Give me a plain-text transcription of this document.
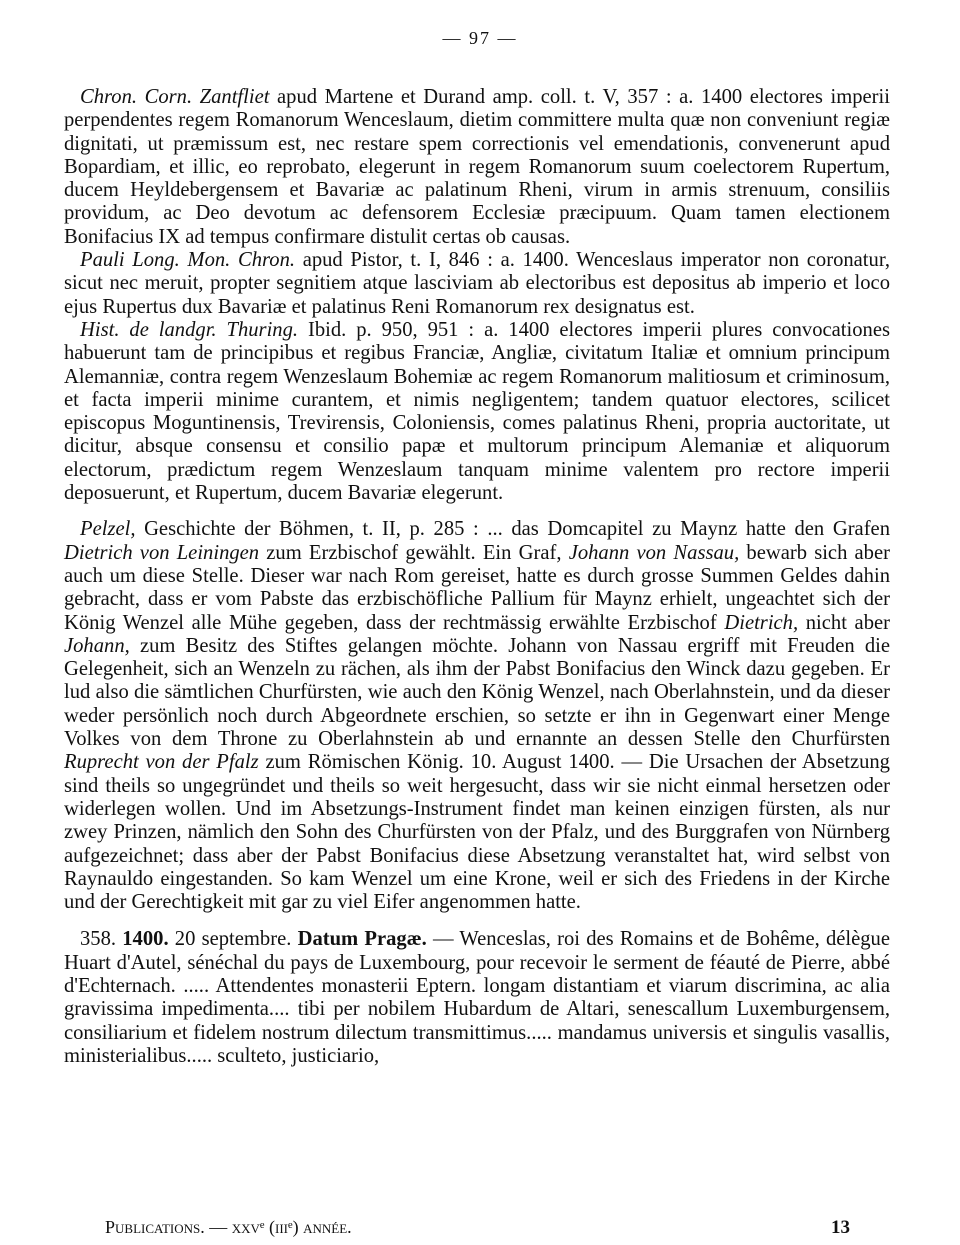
— 97 —

Chron. Corn. Zantfliet apud Martene et Durand amp. coll. t. V, 357 : a. 1400 electores imperii perpendentes regem Romanorum Wenceslaum, dietim committere multa quæ non conveniunt regiæ dignitati, ut præmissum est, nec restare spem correctionis vel emendationis, convenerunt apud Bopardiam, et illic, eo reprobato, elegerunt in regem Romanorum suum coelectorem Rupertum, ducem Heyldebergensem et Bavariæ ac palatinum Rheni, virum in armis strenuum, consiliis providum, ac Deo devotum ac defensorem Ecclesiæ præcipuum. Quam tamen electionem Bonifacius IX ad tempus confirmare distulit certas ob causas.

Pauli Long. Mon. Chron. apud Pistor, t. I, 846 : a. 1400. Wenceslaus imperator non coronatur, sicut nec meruit, propter segnitiem atque lasciviam ab electoribus est depositus ab imperio et loco ejus Rupertus dux Bavariæ et palatinus Reni Romanorum rex designatus est.

Hist. de landgr. Thuring. Ibid. p. 950, 951 : a. 1400 electores imperii plures convocationes habuerunt tam de principibus et regibus Franciæ, Angliæ, civitatum Italiæ et omnium principum Alemanniæ, contra regem Wenzeslaum Bohemiæ ac regem Romanorum malitiosum et criminosum, et facta imperii minime curantem, et nimis negligentem; tandem quatuor electores, scilicet episcopus Moguntinensis, Trevirensis, Coloniensis, comes palatinus Rheni, propria auctoritate, ut dicitur, absque consensu et consilio papæ et multorum principum Alemaniæ et aliquorum electorum, prædictum regem Wenzeslaum tanquam minime valentem pro rectore imperii deposuerunt, et Rupertum, ducem Bavariæ elegerunt.

Pelzel, Geschichte der Böhmen, t. II, p. 285 : ... das Domcapitel zu Maynz hatte den Grafen Dietrich von Leiningen zum Erzbischof gewählt. Ein Graf, Johann von Nassau, bewarb sich aber auch um diese Stelle. Dieser war nach Rom gereiset, hatte es durch grosse Summen Geldes dahin gebracht, dass er vom Pabste das erzbischöfliche Pallium für Maynz erhielt, ungeachtet sich der König Wenzel alle Mühe gegeben, dass der rechtmässig erwählte Erzbischof Dietrich, nicht aber Johann, zum Besitz des Stiftes gelangen möchte. Johann von Nassau ergriff mit Freuden die Gelegenheit, sich an Wenzeln zu rächen, als ihm der Pabst Bonifacius den Winck dazu gegeben. Er lud also die sämtlichen Churfürsten, wie auch den König Wenzel, nach Oberlahnstein, und da dieser weder persönlich noch durch Abgeordnete erschien, so setzte er ihn in Gegenwart einer Menge Volkes von dem Throne zu Oberlahnstein ab und ernannte an dessen Stelle den Churfürsten Ruprecht von der Pfalz zum Römischen König. 10. August 1400. — Die Ursachen der Absetzung sind theils so ungegründet und theils so weit hergesucht, dass wir sie nicht einmal hersetzen oder widerlegen wollen. Und im Absetzungs-Instrument findet man keinen einzigen fürsten, als nur zwey Prinzen, nämlich den Sohn des Churfürsten von der Pfalz, und des Burggrafen von Nürnberg aufgezeichnet; dass aber der Pabst Bonifacius diese Absetzung veranstaltet hat, wird selbst von Raynauldo eingestanden. So kam Wenzel um eine Krone, weil er sich des Friedens in der Kirche und der Gerechtigkeit mit gar zu viel Eifer angenommen hatte.

358. 1400. 20 septembre. Datum Pragæ. — Wenceslas, roi des Romains et de Bohême, délègue Huart d'Autel, sénéchal du pays de Luxembourg, pour recevoir le serment de féauté de Pierre, abbé d'Echternach. ..... Attendentes monasterii Eptern. longam distantiam et viarum discrimina, ac alia gravissima impedimenta.... tibi per nobilem Hubardum de Altari, senescallum Luxemburgensem, consiliarium et fidelem nostrum dilectum transmittimus..... mandamus universis et singulis vasallis, ministerialibus..... sculteto, justiciario,

Publications. — xxvᵉ (iiiᵉ) année.	13
